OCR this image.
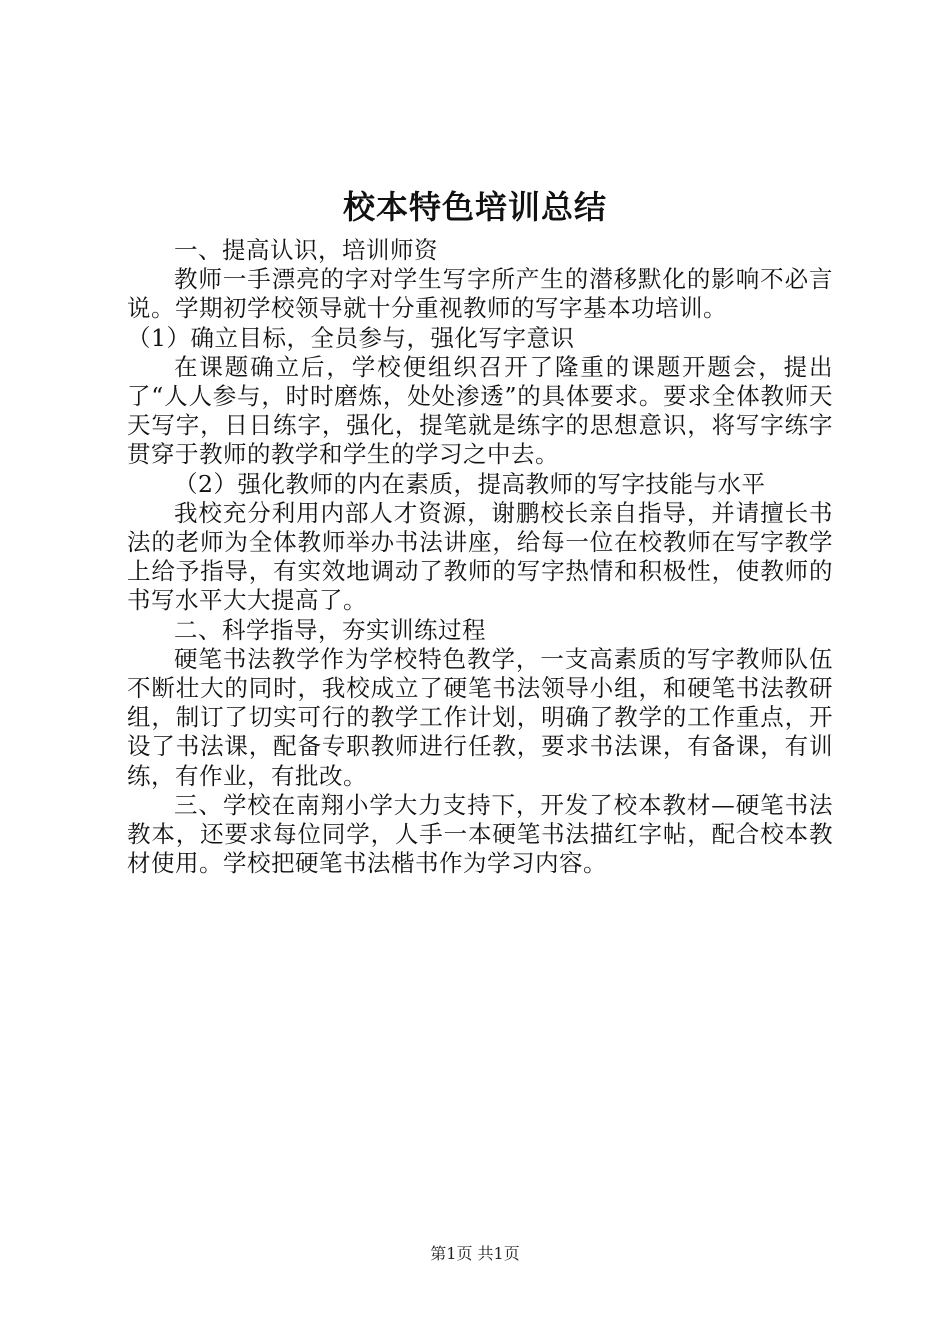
校本特色培训总结

一、提高认识，培训师资

教师一手漂亮的字对学生写字所产生的潜移默化的影响不必言说。学期初学校领导就十分重视教师的写字基本功培训。

（1）确立目标，全员参与，强化写字意识

在课题确立后，学校便组织召开了隆重的课题开题会，提出了“人人参与，时时磨炼，处处渗透”的具体要求。要求全体教师天天写字，日日练字，强化，提笔就是练字的思想意识，将写字练字贯穿于教师的教学和学生的学习之中去。

（2）强化教师的内在素质，提高教师的写字技能与水平

我校充分利用内部人才资源，谢鹏校长亲自指导，并请擅长书法的老师为全体教师举办书法讲座，给每一位在校教师在写字教学上给予指导，有实效地调动了教师的写字热情和积极性，使教师的书写水平大大提高了。

二、科学指导，夯实训练过程

硬笔书法教学作为学校特色教学，一支高素质的写字教师队伍不断壮大的同时，我校成立了硬笔书法领导小组，和硬笔书法教研组，制订了切实可行的教学工作计划，明确了教学的工作重点，开设了书法课，配备专职教师进行任教，要求书法课，有备课，有训练，有作业，有批改。

三、学校在南翔小学大力支持下，开发了校本教材—硬笔书法教本，还要求每位同学，人手一本硬笔书法描红字帖，配合校本教材使用。学校把硬笔书法楷书作为学习内容。

第1页 共1页
